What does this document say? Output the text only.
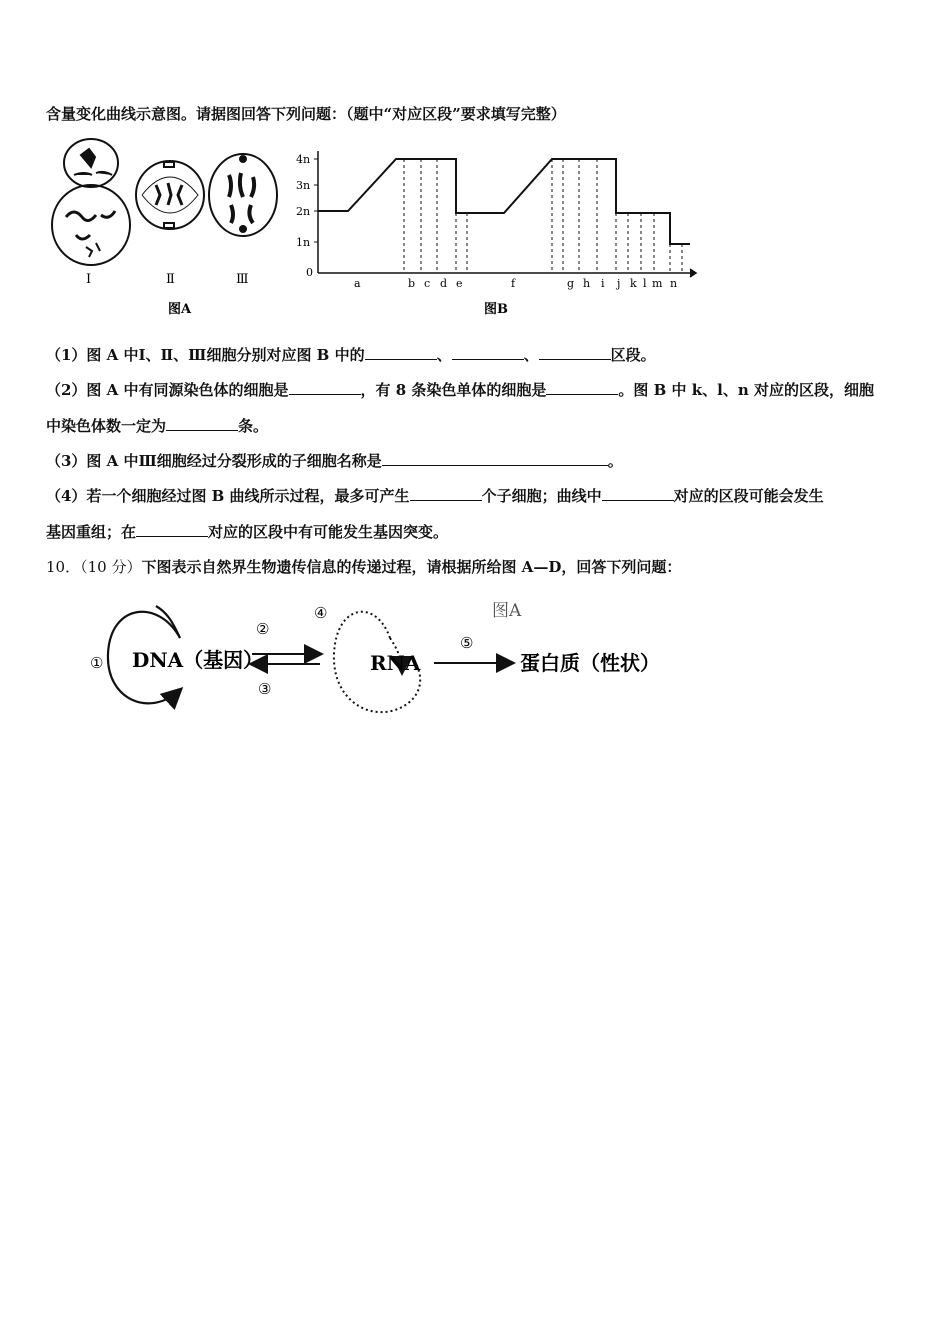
含量变化曲线示意图。请据图回答下列问题：（题中“对应区段”要求填写完整）
Ⅰ	Ⅱ	Ⅲ
图A
4n
3n
2n
1n
0
a	b c d e	f	g h i j k l m n
图B
（1）图 A 中Ⅰ、Ⅱ、Ⅲ细胞分别对应图 B 中的	、	、	区段。
（2）图 A 中有同源染色体的细胞是	，有 8 条染色单体的细胞是	。图 B 中 k、l、n 对应的区段，细胞
中染色体数一定为	条。
（3）图 A 中Ⅲ细胞经过分裂形成的子细胞名称是	。
（4）若一个细胞经过图 B 曲线所示过程，最多可产生	个子细胞；曲线中	对应的区段可能会发生
基因重组；在	对应的区段中有可能发生基因突变。
10．（10 分）下图表示自然界生物遗传信息的传递过程，请根据所给图 A—D，回答下列问题：
图A
① DNA（基因）
②
③
④
RNA
⑤
蛋白质（性状）
